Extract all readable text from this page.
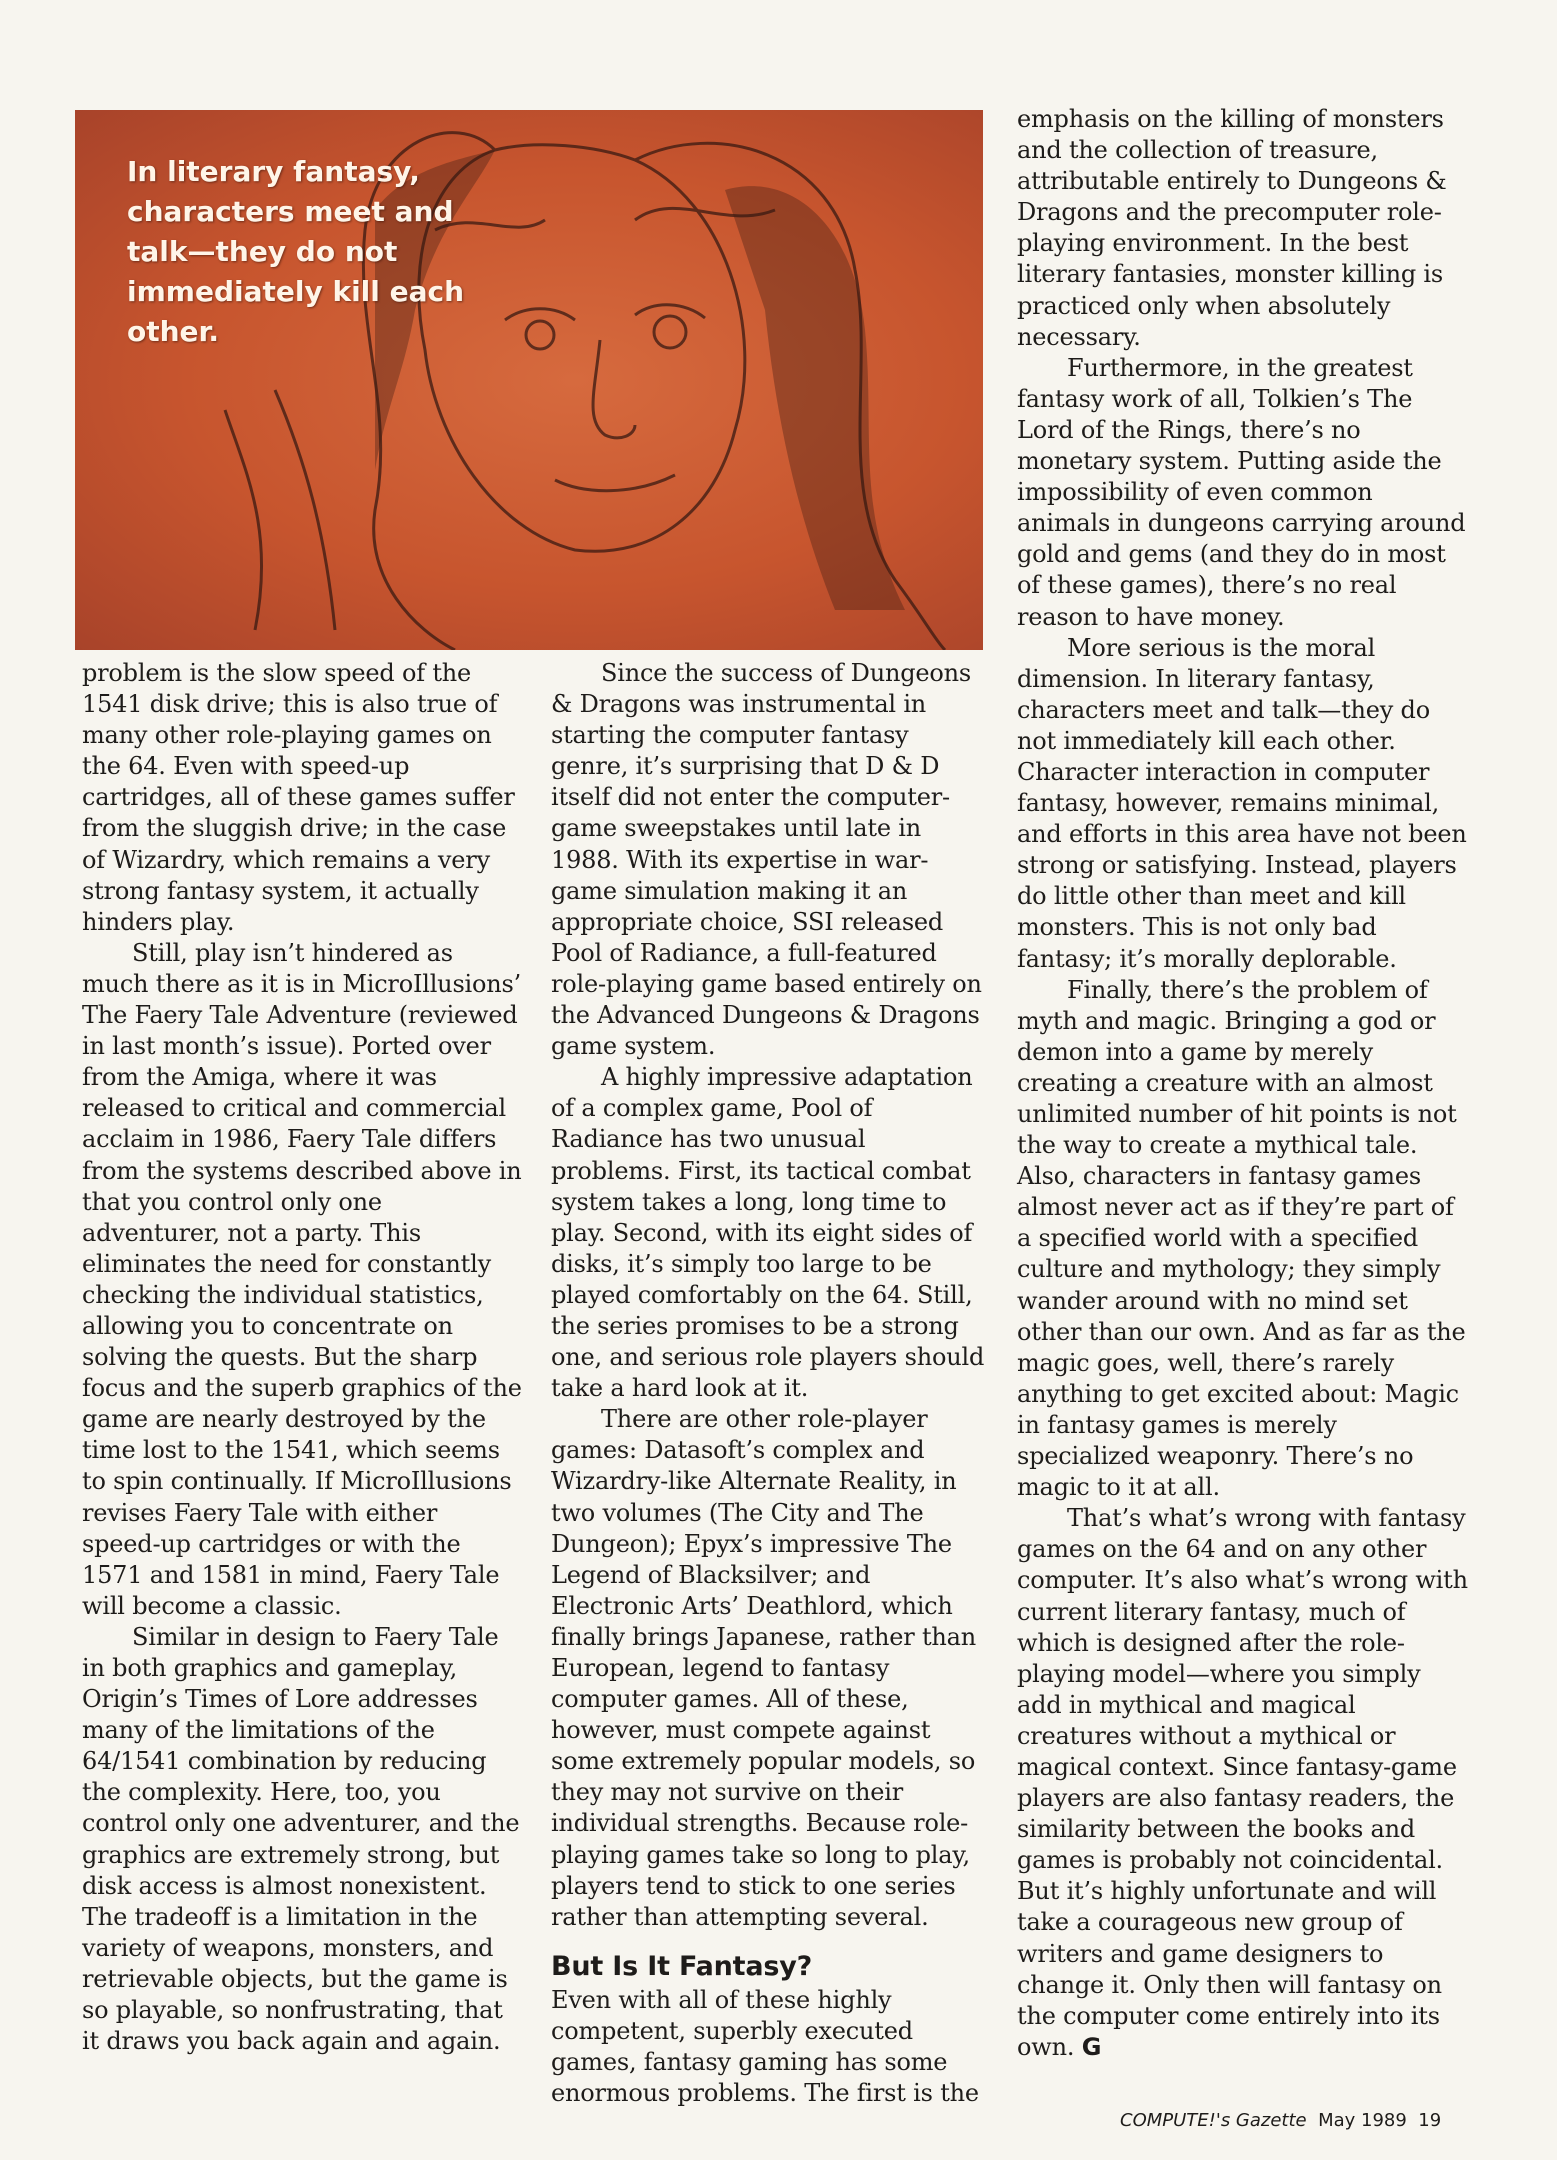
In literary fantasy, characters meet and talk—they do not immediately kill each other.

problem is the slow speed of the 1541 disk drive; this is also true of many other role-playing games on the 64. Even with speed-up cartridges, all of these games suffer from the sluggish drive; in the case of Wizardry, which remains a very strong fantasy system, it actually hinders play.

Still, play isn’t hindered as much there as it is in MicroIllusions’ The Faery Tale Adventure (reviewed in last month’s issue). Ported over from the Amiga, where it was released to critical and commercial acclaim in 1986, Faery Tale differs from the systems described above in that you control only one adventurer, not a party. This eliminates the need for constantly checking the individual statistics, allowing you to concentrate on solving the quests. But the sharp focus and the superb graphics of the game are nearly destroyed by the time lost to the 1541, which seems to spin continually. If MicroIllusions revises Faery Tale with either speed-up cartridges or with the 1571 and 1581 in mind, Faery Tale will become a classic.

Similar in design to Faery Tale in both graphics and gameplay, Origin’s Times of Lore addresses many of the limitations of the 64/1541 combination by reducing the complexity. Here, too, you control only one adventurer, and the graphics are extremely strong, but disk access is almost nonexistent. The tradeoff is a limitation in the variety of weapons, monsters, and retrievable objects, but the game is so playable, so nonfrustrating, that it draws you back again and again.

Since the success of Dungeons & Dragons was instrumental in starting the computer fantasy genre, it’s surprising that D & D itself did not enter the computer-game sweepstakes until late in 1988. With its expertise in war-game simulation making it an appropriate choice, SSI released Pool of Radiance, a full-featured role-playing game based entirely on the Advanced Dungeons & Dragons game system.

A highly impressive adaptation of a complex game, Pool of Radiance has two unusual problems. First, its tactical combat system takes a long, long time to play. Second, with its eight sides of disks, it’s simply too large to be played comfortably on the 64. Still, the series promises to be a strong one, and serious role players should take a hard look at it.

There are other role-player games: Datasoft’s complex and Wizardry-like Alternate Reality, in two volumes (The City and The Dungeon); Epyx’s impressive The Legend of Blacksilver; and Electronic Arts’ Deathlord, which finally brings Japanese, rather than European, legend to fantasy computer games. All of these, however, must compete against some extremely popular models, so they may not survive on their individual strengths. Because role-playing games take so long to play, players tend to stick to one series rather than attempting several.

But Is It Fantasy?

Even with all of these highly competent, superbly executed games, fantasy gaming has some enormous problems. The first is the

emphasis on the killing of monsters and the collection of treasure, attributable entirely to Dungeons & Dragons and the precomputer role-playing environment. In the best literary fantasies, monster killing is practiced only when absolutely necessary.

Furthermore, in the greatest fantasy work of all, Tolkien’s The Lord of the Rings, there’s no monetary system. Putting aside the impossibility of even common animals in dungeons carrying around gold and gems (and they do in most of these games), there’s no real reason to have money.

More serious is the moral dimension. In literary fantasy, characters meet and talk—they do not immediately kill each other. Character interaction in computer fantasy, however, remains minimal, and efforts in this area have not been strong or satisfying. Instead, players do little other than meet and kill monsters. This is not only bad fantasy; it’s morally deplorable.

Finally, there’s the problem of myth and magic. Bringing a god or demon into a game by merely creating a creature with an almost unlimited number of hit points is not the way to create a mythical tale. Also, characters in fantasy games almost never act as if they’re part of a specified world with a specified culture and mythology; they simply wander around with no mind set other than our own. And as far as the magic goes, well, there’s rarely anything to get excited about: Magic in fantasy games is merely specialized weaponry. There’s no magic to it at all.

That’s what’s wrong with fantasy games on the 64 and on any other computer. It’s also what’s wrong with current literary fantasy, much of which is designed after the role-playing model—where you simply add in mythical and magical creatures without a mythical or magical context. Since fantasy-game players are also fantasy readers, the similarity between the books and games is probably not coincidental. But it’s highly unfortunate and will take a courageous new group of writers and game designers to change it. Only then will fantasy on the computer come entirely into its own. G

COMPUTE!'s Gazette May 1989 19
